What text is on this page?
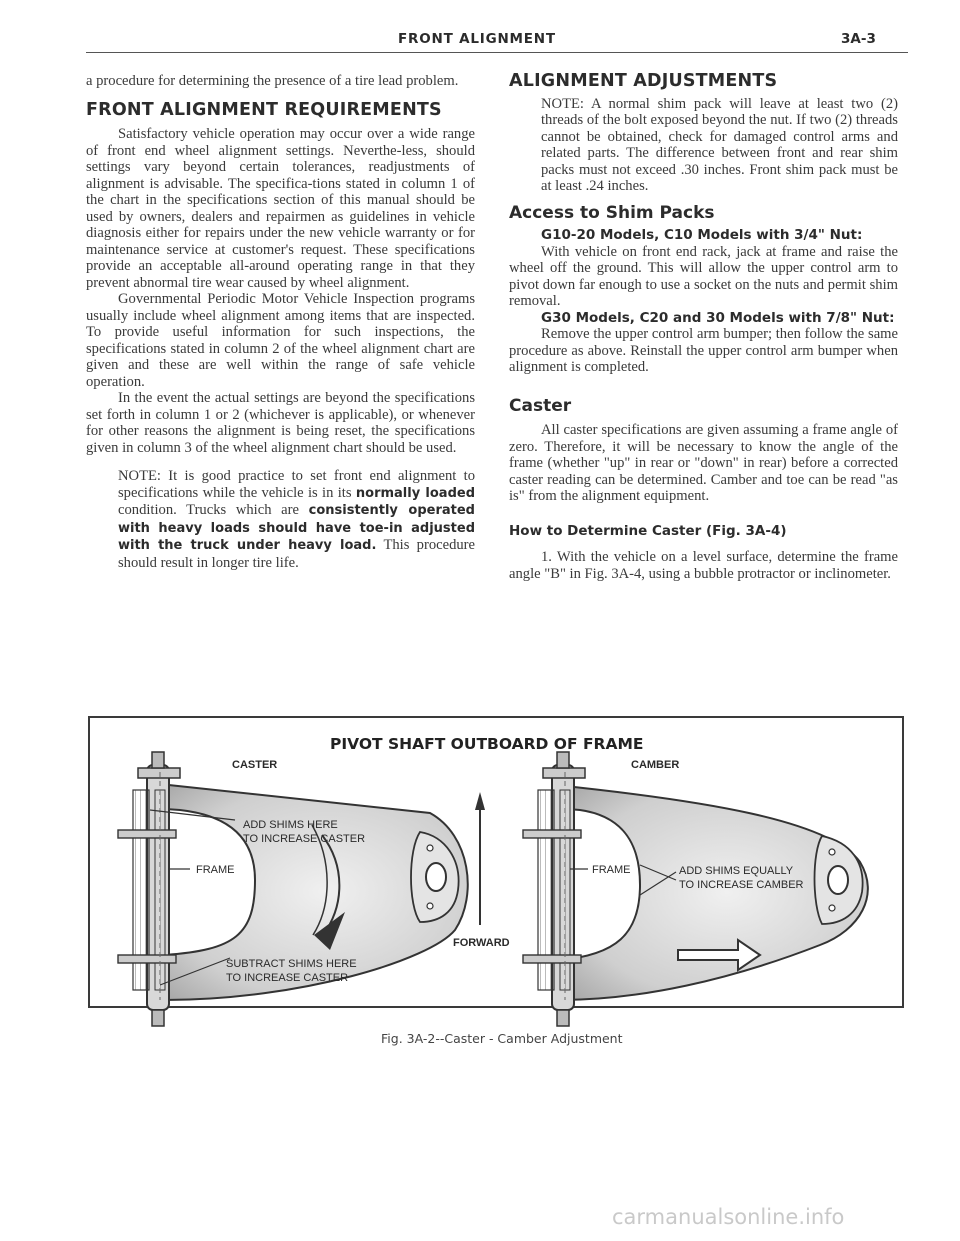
FRONT ALIGNMENT	3A-3

a procedure for determining the presence of a tire lead problem.

FRONT ALIGNMENT REQUIREMENTS

Satisfactory vehicle operation may occur over a wide range of front end wheel alignment settings. Neverthe-less, should settings vary beyond certain tolerances, readjustments of alignment is advisable. The specifica-tions stated in column 1 of the chart in the specifications section of this manual should be used by owners, dealers and repairmen as guidelines in vehicle diagnosis either for repairs under the new vehicle warranty or for maintenance service at customer's request. These specifications provide an acceptable all-around operating range in that they prevent abnormal tire wear caused by wheel alignment.

Governmental Periodic Motor Vehicle Inspection programs usually include wheel alignment among items that are inspected. To provide useful information for such inspections, the specifications stated in column 2 of the wheel alignment chart are given and these are well within the range of safe vehicle operation.

In the event the actual settings are beyond the specifications set forth in column 1 or 2 (whichever is applicable), or whenever for other reasons the alignment is being reset, the specifications given in column 3 of the wheel alignment chart should be used.

NOTE: It is good practice to set front end alignment to specifications while the vehicle is in its normally loaded condition. Trucks which are consistently operated with heavy loads should have toe-in adjusted with the truck under heavy load. This procedure should result in longer tire life.

ALIGNMENT ADJUSTMENTS

NOTE: A normal shim pack will leave at least two (2) threads of the bolt exposed beyond the nut. If two (2) threads cannot be obtained, check for damaged control arms and related parts. The difference between front and rear shim packs must not exceed .30 inches. Front shim pack must be at least .24 inches.

Access to Shim Packs
G10-20 Models, C10 Models with 3/4" Nut:

With vehicle on front end rack, jack at frame and raise the wheel off the ground. This will allow the upper control arm to pivot down far enough to use a socket on the nuts and permit shim removal.

G30 Models, C20 and 30 Models with 7/8" Nut:

Remove the upper control arm bumper; then follow the same procedure as above. Reinstall the upper control arm bumper when alignment is completed.

Caster

All caster specifications are given assuming a frame angle of zero. Therefore, it will be necessary to know the angle of the frame (whether "up" in rear or "down" in rear) before a corrected caster reading can be determined. Camber and toe can be read "as is" from the alignment equipment.

How to Determine Caster (Fig. 3A-4)

1. With the vehicle on a level surface, determine the frame angle "B" in Fig. 3A-4, using a bubble protractor or inclinometer.

CASTER	CAMBER
ADD SHIMS HERE
TO INCREASE CASTER
FRAME	FRAME
SUBTRACT SHIMS HERE
TO INCREASE CASTER
FORWARD
ADD SHIMS EQUALLY
TO INCREASE CAMBER
PIVOT SHAFT OUTBOARD OF FRAME
Fig. 3A-2--Caster - Camber Adjustment
carmanualsonline.info
